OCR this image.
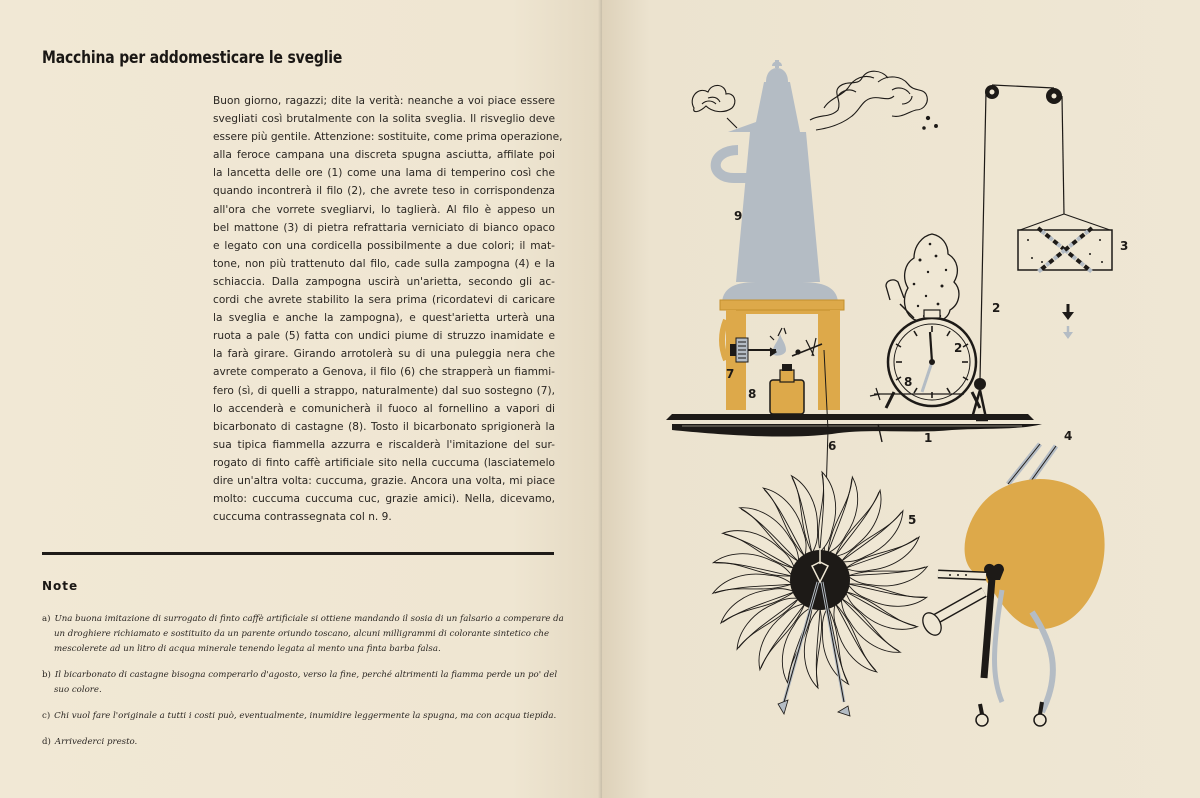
Macchina per addomesticare le sveglie
Buon giorno, ragazzi; dite la verità: neanche a voi piace essere
svegliati così brutalmente con la solita sveglia. Il risveglio deve
essere più gentile. Attenzione: sostituite, come prima operazione,
alla feroce campana una discreta spugna asciutta, affilate poi
la lancetta delle ore (1) come una lama di temperino così che
quando incontrerà il filo (2), che avrete teso in corrispondenza
all'ora che vorrete svegliarvi, lo taglierà. Al filo è appeso un
bel mattone (3) di pietra refrattaria verniciato di bianco opaco
e legato con una cordicella possibilmente a due colori; il mat-
tone, non più trattenuto dal filo, cade sulla zampogna (4) e la
schiaccia. Dalla zampogna uscirà un'arietta, secondo gli ac-
cordi che avrete stabilito la sera prima (ricordatevi di caricare
la sveglia e anche la zampogna), e quest'arietta urterà una
ruota a pale (5) fatta con undici piume di struzzo inamidate e
la farà girare. Girando arrotolerà su di una puleggia nera che
avrete comperato a Genova, il filo (6) che strapperà un fiammi-
fero (sì, di quelli a strappo, naturalmente) dal suo sostegno (7),
lo accenderà e comunicherà il fuoco al fornellino a vapori di
bicarbonato di castagne (8). Tosto il bicarbonato sprigionerà la
sua tipica fiammella azzurra e riscalderà l'imitazione del sur-
rogato di finto caffè artificiale sito nella cuccuma (lasciatemelo
dire un'altra volta: cuccuma, grazie. Ancora una volta, mi piace
molto: cuccuma cuccuma cuc, grazie amici). Nella, dicevamo,
cuccuma contrassegnata col n. 9.
Note
a) Una buona imitazione di surrogato di finto caffè artificiale si ottiene mandando il sosia di un falsario a comperare da
un droghiere richiamato e sostituito da un parente oriundo toscano, alcuni milligrammi di colorante sintetico che
mescolerete ad un litro di acqua minerale tenendo legata al mento una finta barba falsa.
b) Il bicarbonato di castagne bisogna comperarlo d'agosto, verso la fine, perché altrimenti la fiamma perde un po' del
suo colore.
c) Chi vuol fare l'originale a tutti i costi può, eventualmente, inumidire leggermente la spugna, ma con acqua tiepida.
d) Arrivederci presto.
9
7
8
8
2
2
3
1	4
5
6
